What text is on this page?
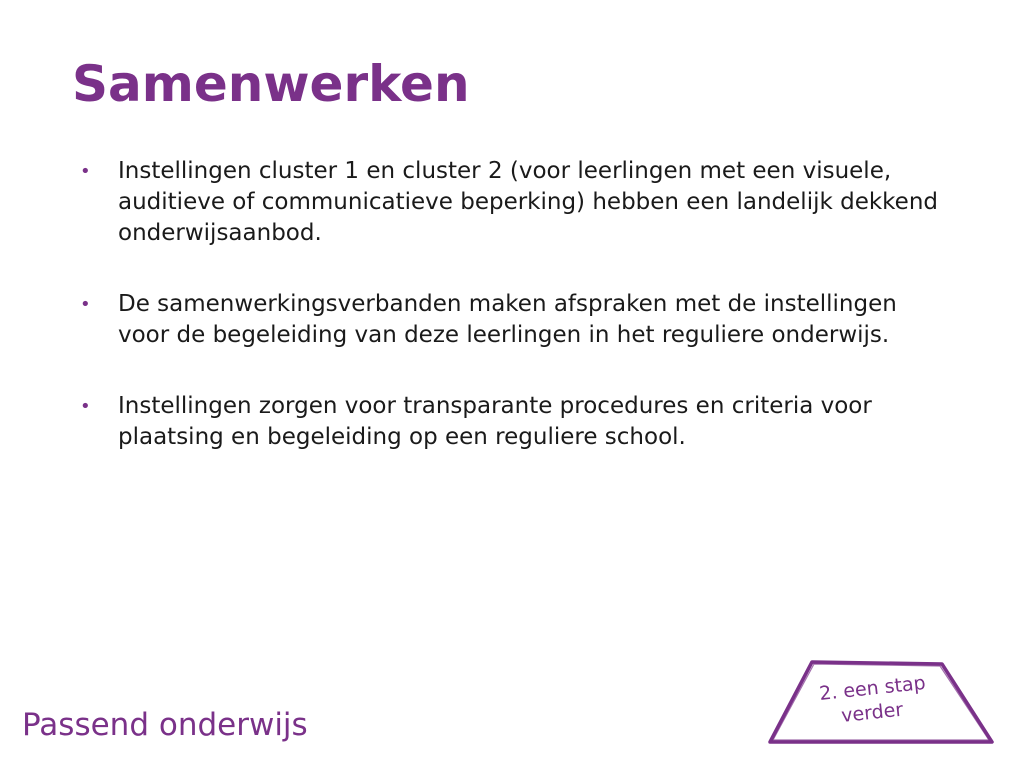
Samenwerken
• Instellingen cluster 1 en cluster 2 (voor leerlingen met een visuele, auditieve of communicatieve beperking) hebben een landelijk dekkend onderwijsaanbod.
• De samenwerkingsverbanden maken afspraken met de instellingen voor de begeleiding van deze leerlingen in het reguliere onderwijs.
• Instellingen zorgen voor transparante procedures en criteria voor plaatsing en begeleiding op een reguliere school.
Passend onderwijs
2. een stap
verder
